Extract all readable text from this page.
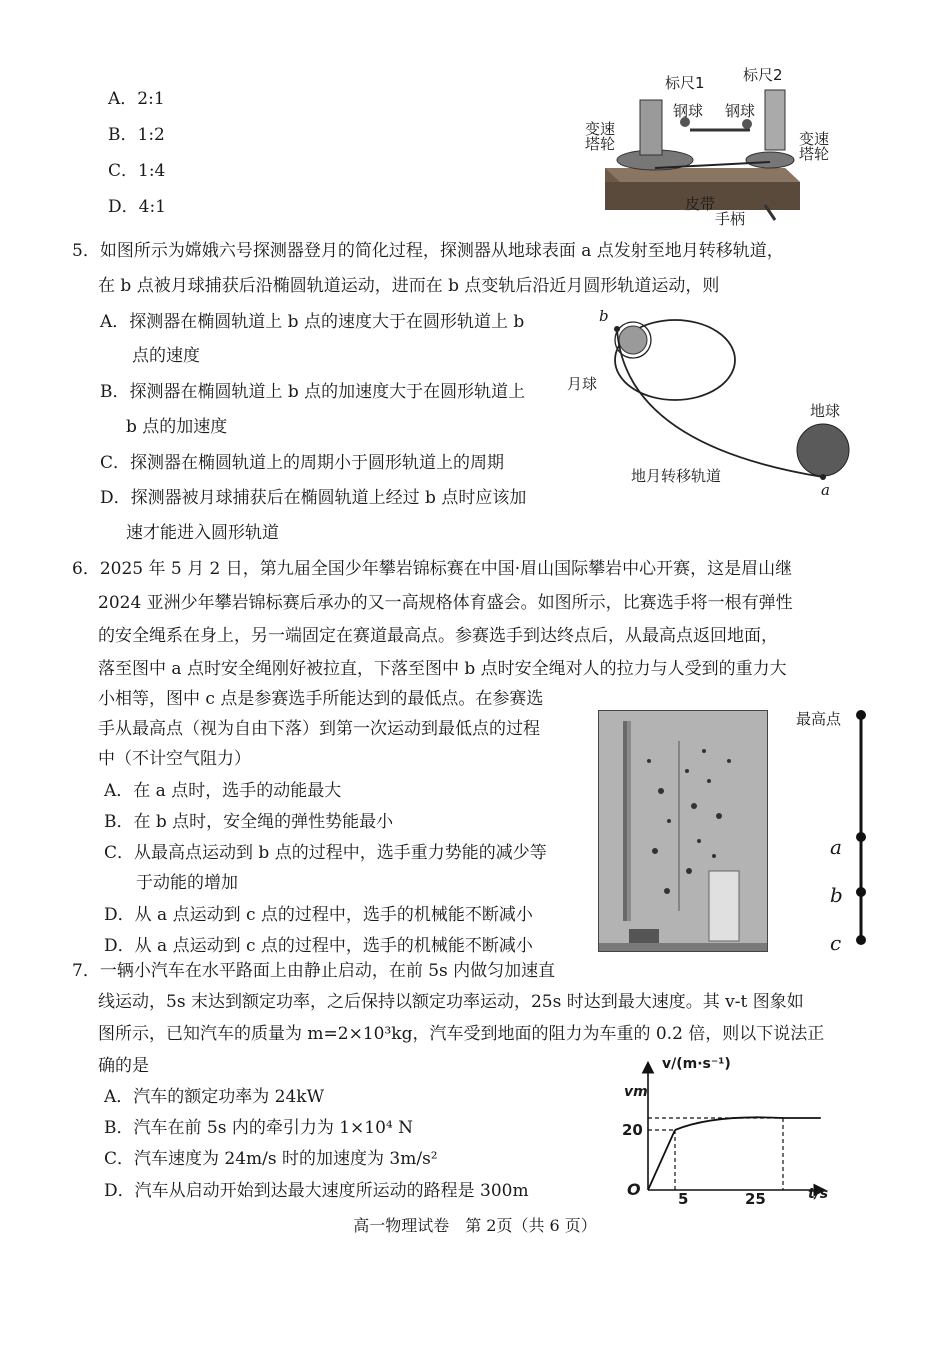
A．2:1
B．1:2
C．1:4
D．4:1
标尺1	标尺2
钢球 钢球
变速
塔轮	变速
塔轮
皮带
手柄
5．如图所示为嫦娥六号探测器登月的简化过程，探测器从地球表面 a 点发射至地月转移轨道，
在 b 点被月球捕获后沿椭圆轨道运动，进而在 b 点变轨后沿近月圆形轨道运动，则
A．探测器在椭圆轨道上 b 点的速度大于在圆形轨道上 b
点的速度
B．探测器在椭圆轨道上 b 点的加速度大于在圆形轨道上
b 点的加速度
C．探测器在椭圆轨道上的周期小于圆形轨道上的周期
D．探测器被月球捕获后在椭圆轨道上经过 b 点时应该加
速才能进入圆形轨道
b
月球
地球
地月转移轨道
a
6．2025 年 5 月 2 日，第九届全国少年攀岩锦标赛在中国·眉山国际攀岩中心开赛，这是眉山继
2024 亚洲少年攀岩锦标赛后承办的又一高规格体育盛会。如图所示，比赛选手将一根有弹性
的安全绳系在身上，另一端固定在赛道最高点。参赛选手到达终点后，从最高点返回地面，
落至图中 a 点时安全绳刚好被拉直，下落至图中 b 点时安全绳对人的拉力与人受到的重力大
小相等，图中 c 点是参赛选手所能达到的最低点。在参赛选
手从最高点（视为自由下落）到第一次运动到最低点的过程
中（不计空气阻力）
A．在 a 点时，选手的动能最大
B．在 b 点时，安全绳的弹性势能最小
C．从最高点运动到 b 点的过程中，选手重力势能的减少等
于动能的增加
D．从 a 点运动到 c 点的过程中，选手的机械能不断减小
D．从 a 点运动到 c 点的过程中，选手的机械能不断减小
最高点
a
b
c
7．一辆小汽车在水平路面上由静止启动，在前 5s 内做匀加速直
线运动，5s 末达到额定功率，之后保持以额定功率运动，25s 时达到最大速度。其 v-t 图象如
图所示，已知汽车的质量为 m=2×10³kg，汽车受到地面的阻力为车重的 0.2 倍，则以下说法正
确的是
A．汽车的额定功率为 24kW
B．汽车在前 5s 内的牵引力为 1×10⁴ N
C．汽车速度为 24m/s 时的加速度为 3m/s²
D．汽车从启动开始到达最大速度所运动的路程是 300m
v/(m·s⁻¹)
t/s
O
vm
20
5	25
高一物理试卷　第 2页（共 6 页）
